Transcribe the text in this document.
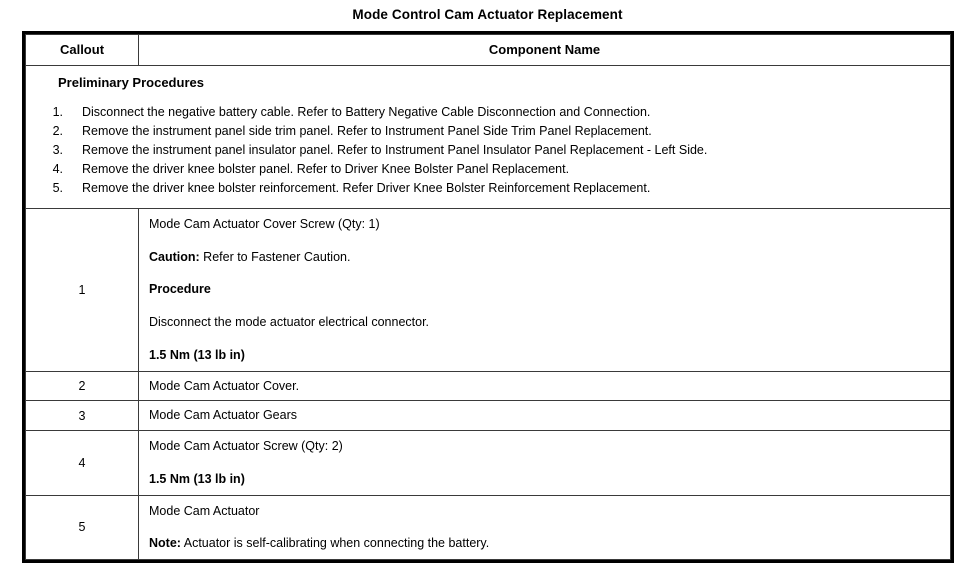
Mode Control Cam Actuator Replacement
Callout	Component Name

Preliminary Procedures
1. Disconnect the negative battery cable. Refer to Battery Negative Cable Disconnection and Connection.
2. Remove the instrument panel side trim panel. Refer to Instrument Panel Side Trim Panel Replacement.
3. Remove the instrument panel insulator panel. Refer to Instrument Panel Insulator Panel Replacement - Left Side.
4. Remove the driver knee bolster panel. Refer to Driver Knee Bolster Panel Replacement.
5. Remove the driver knee bolster reinforcement. Refer Driver Knee Bolster Reinforcement Replacement.

1	Mode Cam Actuator Cover Screw (Qty: 1)

Caution: Refer to Fastener Caution.

Procedure

Disconnect the mode actuator electrical connector.

1.5 Nm (13 lb in)

2	Mode Cam Actuator Cover.

3	Mode Cam Actuator Gears

4	Mode Cam Actuator Screw (Qty: 2)

1.5 Nm (13 lb in)

5	Mode Cam Actuator

Note: Actuator is self-calibrating when connecting the battery.
